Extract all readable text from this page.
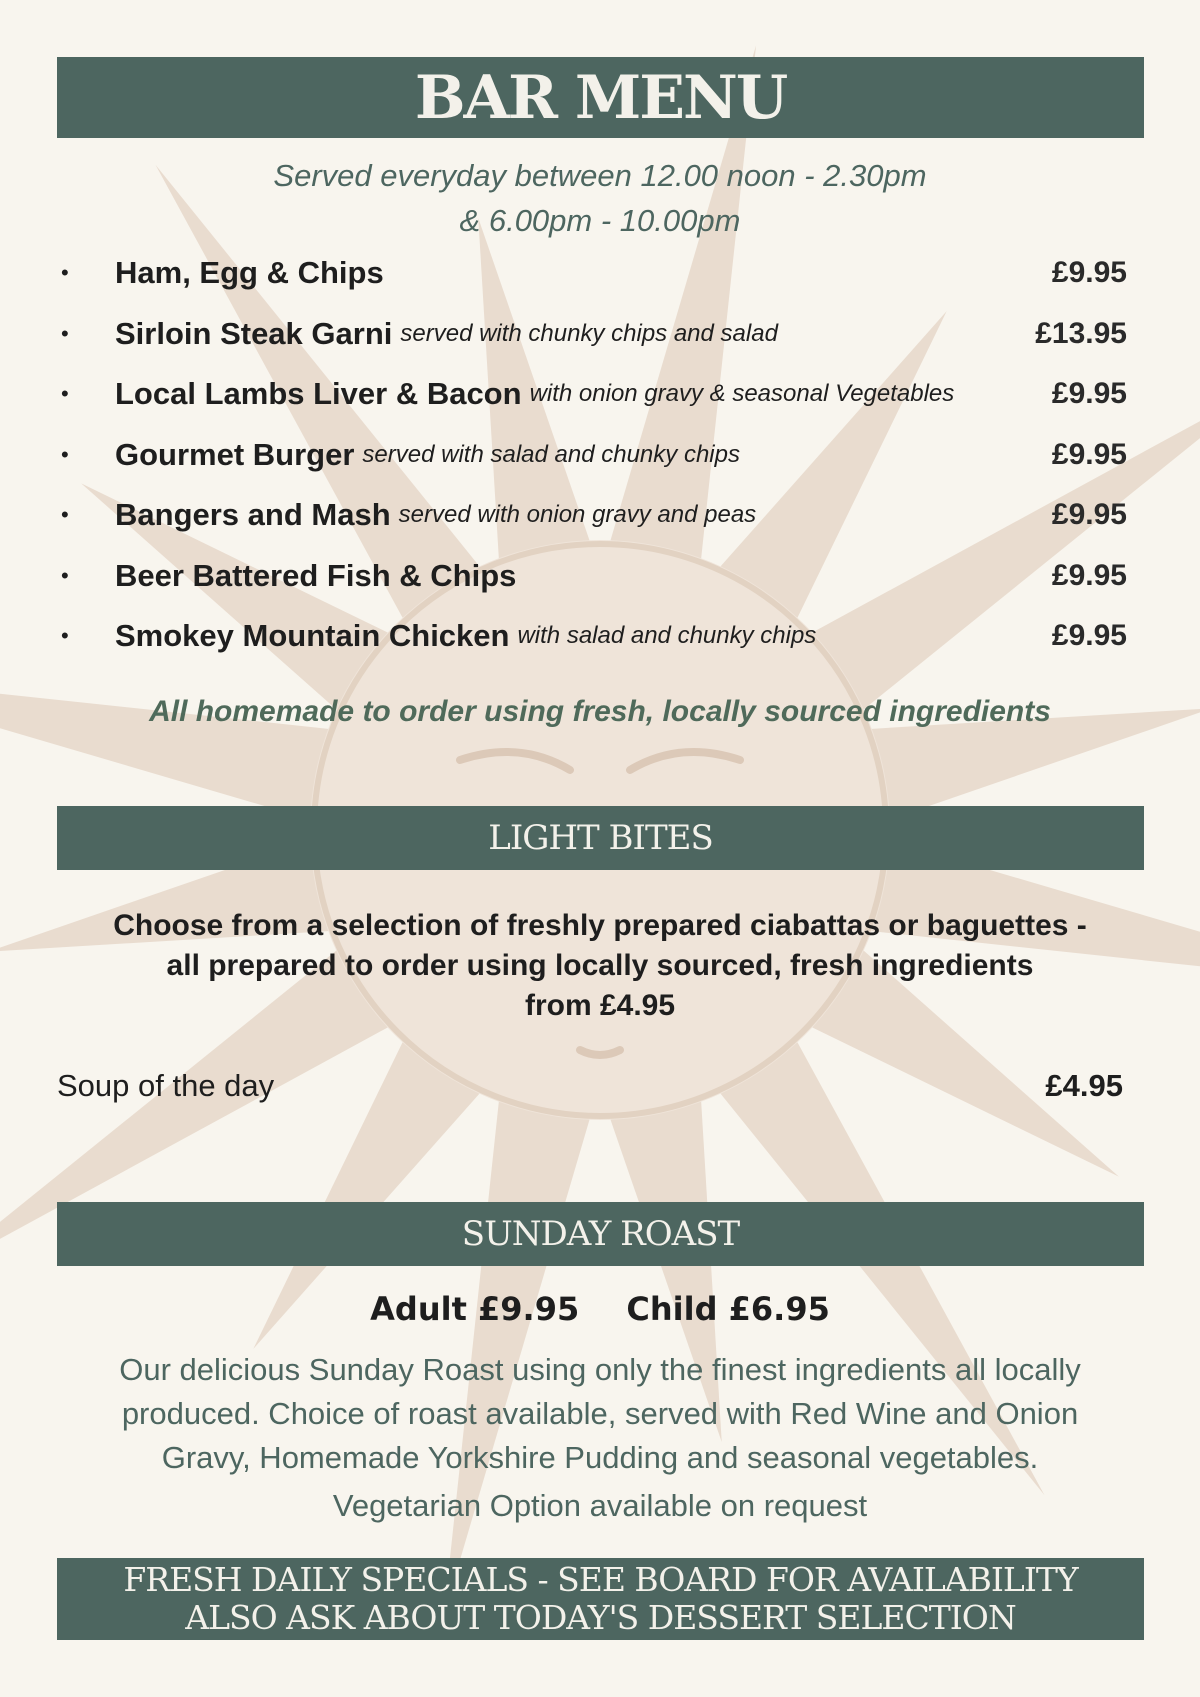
BAR MENU
Served everyday between 12.00 noon - 2.30pm
& 6.00pm - 10.00pm
•	Ham, Egg & Chips	£9.95
•	Sirloin Steak Garni served with chunky chips and salad	£13.95
•	Local Lambs Liver & Bacon with onion gravy & seasonal Vegetables	£9.95
•	Gourmet Burger served with salad and chunky chips	£9.95
•	Bangers and Mash served with onion gravy and peas	£9.95
•	Beer Battered Fish & Chips	£9.95
•	Smokey Mountain Chicken with salad and chunky chips	£9.95
All homemade to order using fresh, locally sourced ingredients
LIGHT BITES
Choose from a selection of freshly prepared ciabattas or baguettes -
all prepared to order using locally sourced, fresh ingredients
from £4.95
Soup of the day	£4.95
SUNDAY ROAST
Adult £9.95 Child £6.95
Our delicious Sunday Roast using only the finest ingredients all locally
produced. Choice of roast available, served with Red Wine and Onion
Gravy, Homemade Yorkshire Pudding and seasonal vegetables.
Vegetarian Option available on request
FRESH DAILY SPECIALS - SEE BOARD FOR AVAILABILITY
ALSO ASK ABOUT TODAY'S DESSERT SELECTION
